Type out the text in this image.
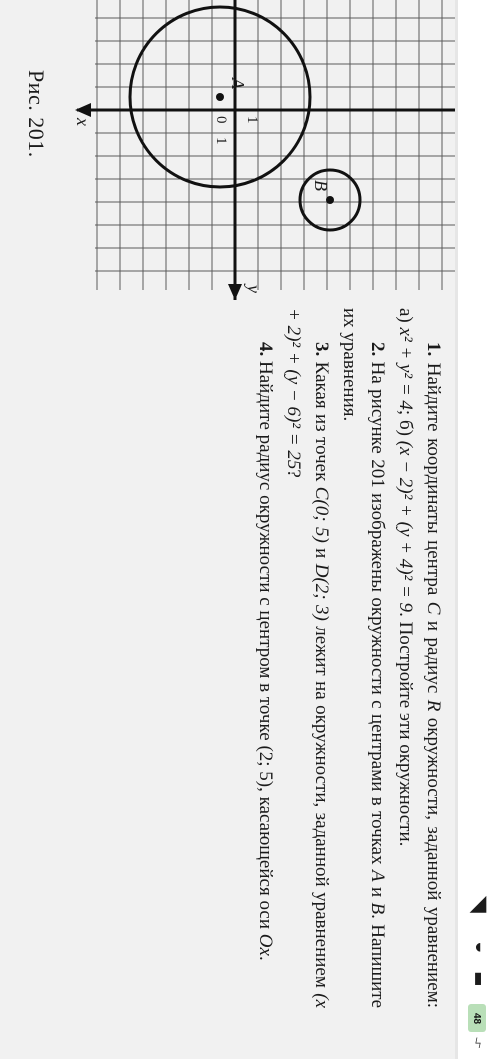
◢
◖
▮
48
ϟ
y
x	0
1
1
A
B
Рис. 201.

1. Найдите координаты центра C и радиус R окружности, заданной уравнением: а) x² + y² = 4; б) (x − 2)² + (y + 4)² = 9. Постройте эти окружности.

2. На рисунке 201 изображены окружности с центрами в точках A и B. Напишите их уравнения.

3. Какая из точек C(0; 5) и D(2; 3) лежит на окружности, заданной уравнением (x + 2)² + (y − 6)² = 25?

4. Найдите радиус окружности с центром в точке (2; 5), касающейся оси Ox.
